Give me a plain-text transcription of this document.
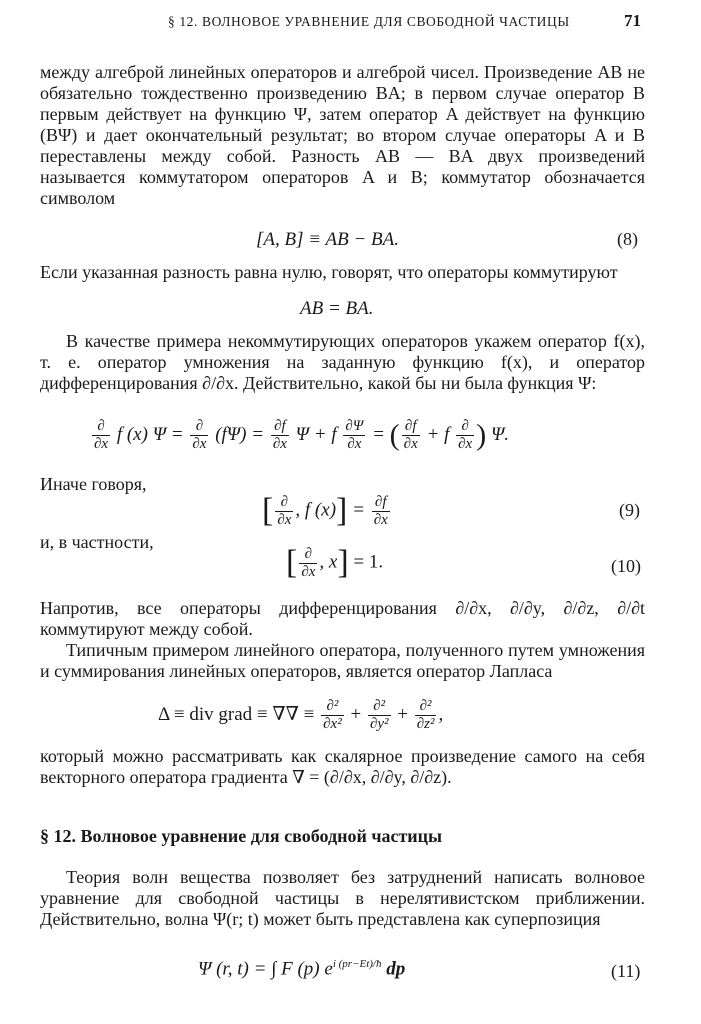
§ 12. ВОЛНОВОЕ УРАВНЕНИЕ ДЛЯ СВОБОДНОЙ ЧАСТИЦЫ	71

между алгеброй линейных операторов и алгеброй чисел. Произведение AB не обязательно тождественно произведению BA; в первом случае оператор B первым действует на функцию Ψ, затем оператор A действует на функцию (BΨ) и дает окончательный результат; во втором случае операторы A и B переставлены между собой. Разность AB — BA двух произведений называется коммутатором операторов A и B; коммутатор обозначается символом

[A, B] ≡ AB − BA.	(8)

Если указанная разность равна нулю, говорят, что операторы коммутируют

AB = BA.

В качестве примера некоммутирующих операторов укажем оператор f(x), т. е. оператор умножения на заданную функцию f(x), и оператор дифференцирования ∂/∂x. Действительно, какой бы ни была функция Ψ:

$\frac{\partial}{\partial x}$ f (x) $\Psi = \frac{\partial}{\partial x} (f\Psi) = \frac{\partial f}{\partial x}$ Ψ + f $\frac{\partial\Psi}{\partial x}$ = ( $\frac{\partial f}{\partial x} + f \frac{\partial}{\partial x}$ ) Ψ.
Иначе говоря,
[ $\frac{\partial}{\partial x}$ , f $(x)] = \frac{\partial f}{\partial x}$	(9)
и, в частности,
[ $\frac{\partial}{\partial x}$ , x] = 1.	(10)

Напротив, все операторы дифференцирования ∂/∂x, ∂/∂y, ∂/∂z, ∂/∂t коммутируют между собой.

Типичным примером линейного оператора, полученного путем умножения и суммирования линейных операторов, является оператор Лапласа

Δ ≡ div grad ≡ ∇∇ ≡ $\frac{\text{∂²}}{\text{∂x²}} + \frac{\text{∂²}}{\text{∂y²}} + \frac{\text{∂²}}{\text{∂z²}}$ ,

который можно рассматривать как скалярное произведение самого на себя векторного оператора градиента ∇ = (∂/∂x, ∂/∂y, ∂/∂z).

§ 12. Волновое уравнение для свободной частицы

Теория волн вещества позволяет без затруднений написать волновое уравнение для свободной частицы в нерелятивистском приближении. Действительно, волна Ψ(r; t) может быть представлена как суперпозиция

Ψ (r, t) = ∫ F (p) $e^{i (pr-Et)/ħ}$ dp	(11)
